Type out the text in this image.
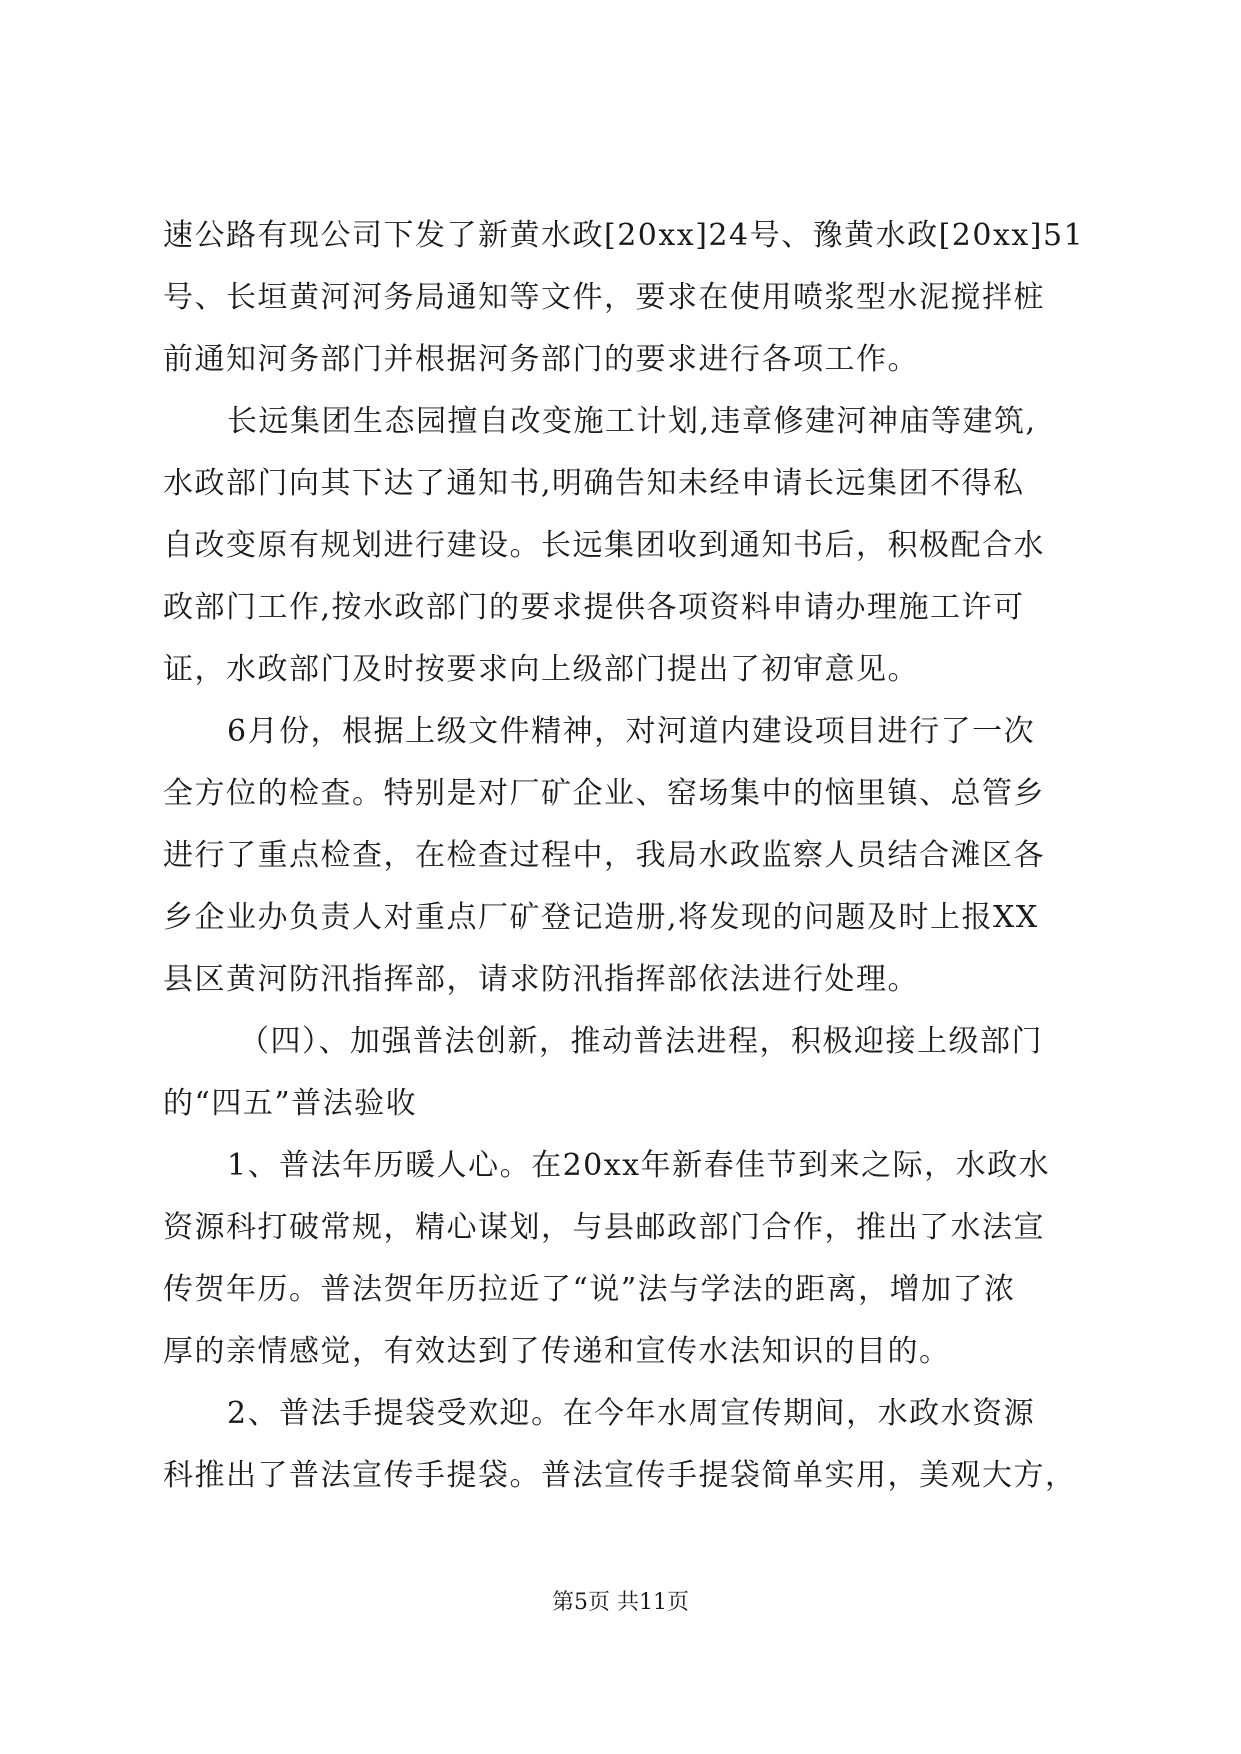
速公路有现公司下发了新黄水政[20xx]24号、豫黄水政[20xx]51
号、长垣黄河河务局通知等文件，要求在使用喷浆型水泥搅拌桩
前通知河务部门并根据河务部门的要求进行各项工作。
长远集团生态园擅自改变施工计划,违章修建河神庙等建筑,
水政部门向其下达了通知书,明确告知未经申请长远集团不得私
自改变原有规划进行建设。长远集团收到通知书后，积极配合水
政部门工作,按水政部门的要求提供各项资料申请办理施工许可
证，水政部门及时按要求向上级部门提出了初审意见。
6月份，根据上级文件精神，对河道内建设项目进行了一次
全方位的检查。特别是对厂矿企业、窑场集中的恼里镇、总管乡
进行了重点检查，在检查过程中，我局水政监察人员结合滩区各
乡企业办负责人对重点厂矿登记造册,将发现的问题及时上报XX
县区黄河防汛指挥部，请求防汛指挥部依法进行处理。
（四）、加强普法创新，推动普法进程，积极迎接上级部门
的“四五”普法验收
1、普法年历暖人心。在20xx年新春佳节到来之际，水政水
资源科打破常规，精心谋划，与县邮政部门合作，推出了水法宣
传贺年历。普法贺年历拉近了“说”法与学法的距离，增加了浓
厚的亲情感觉，有效达到了传递和宣传水法知识的目的。
2、普法手提袋受欢迎。在今年水周宣传期间，水政水资源
科推出了普法宣传手提袋。普法宣传手提袋简单实用，美观大方，
第5页 共11页
